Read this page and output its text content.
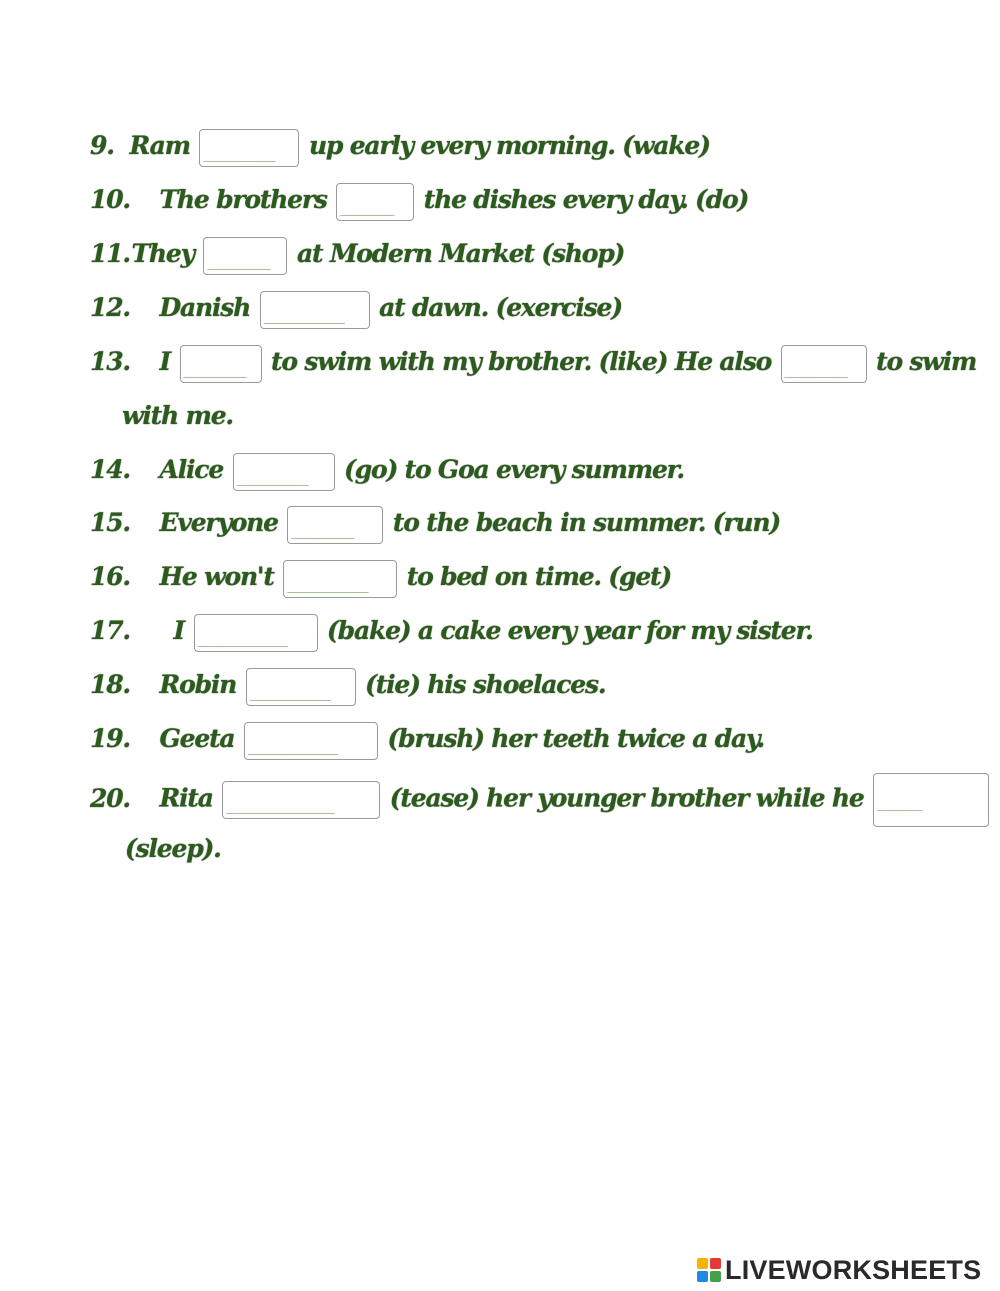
9. Ram ________ up early every morning. (wake)
10. The brothers ______ the dishes every day. (do)
11. They _______ at Modern Market (shop)
12. Danish _________ at dawn. (exercise)
13. I _______ to swim with my brother. (like) He also _______ to swim
with me.
14. Alice ________ (go) to Goa every summer.
15. Everyone _______ to the beach in summer. (run)
16. He won't _________ to bed on time. (get)
17. I __________ (bake) a cake every year for my sister.
18. Robin _________ (tie) his shoelaces.
19. Geeta __________ (brush) her teeth twice a day.
20. Rita ____________ (tease) her younger brother while he _____
(sleep).
LIVEWORKSHEETS
